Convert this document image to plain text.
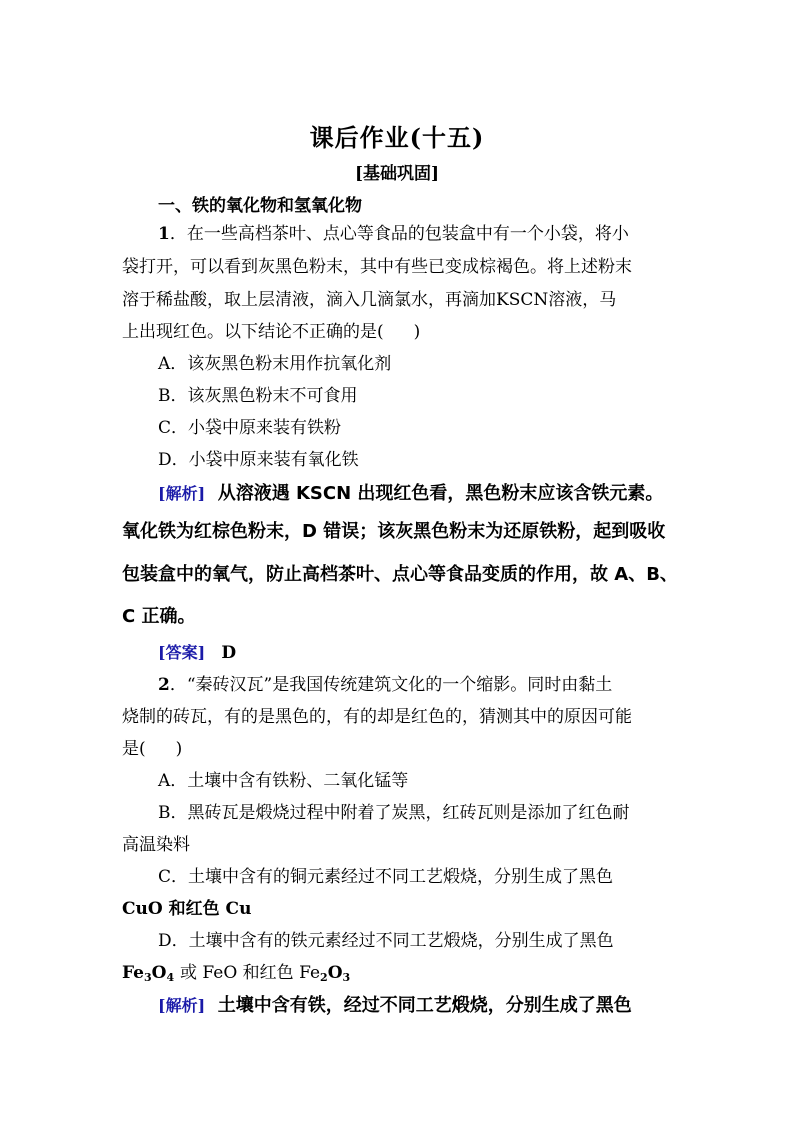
课后作业(十五)
[基础巩固]
一、铁的氧化物和氢氧化物
1．在一些高档茶叶、点心等食品的包装盒中有一个小袋，将小
袋打开，可以看到灰黑色粉末，其中有些已变成棕褐色。将上述粉末
溶于稀盐酸，取上层清液，滴入几滴氯水，再滴加KSCN溶液，马
上出现红色。以下结论不正确的是( )
A．该灰黑色粉末用作抗氧化剂
B．该灰黑色粉末不可食用
C．小袋中原来装有铁粉
D．小袋中原来装有氧化铁
[解析] 从溶液遇 KSCN 出现红色看，黑色粉末应该含铁元素。
氧化铁为红棕色粉末，D 错误；该灰黑色粉末为还原铁粉，起到吸收
包装盒中的氧气，防止高档茶叶、点心等食品变质的作用，故 A、B、
C 正确。
[答案] D
2．“秦砖汉瓦”是我国传统建筑文化的一个缩影。同时由黏土
烧制的砖瓦，有的是黑色的，有的却是红色的，猜测其中的原因可能
是( )
A．土壤中含有铁粉、二氧化锰等
B．黑砖瓦是煅烧过程中附着了炭黑，红砖瓦则是添加了红色耐
高温染料
C．土壤中含有的铜元素经过不同工艺煅烧，分别生成了黑色
CuO 和红色 Cu
D．土壤中含有的铁元素经过不同工艺煅烧，分别生成了黑色
$Fe_3O_4$ 或 FeO 和红色 $Fe_2O_3$
[解析] 土壤中含有铁，经过不同工艺煅烧，分别生成了黑色
